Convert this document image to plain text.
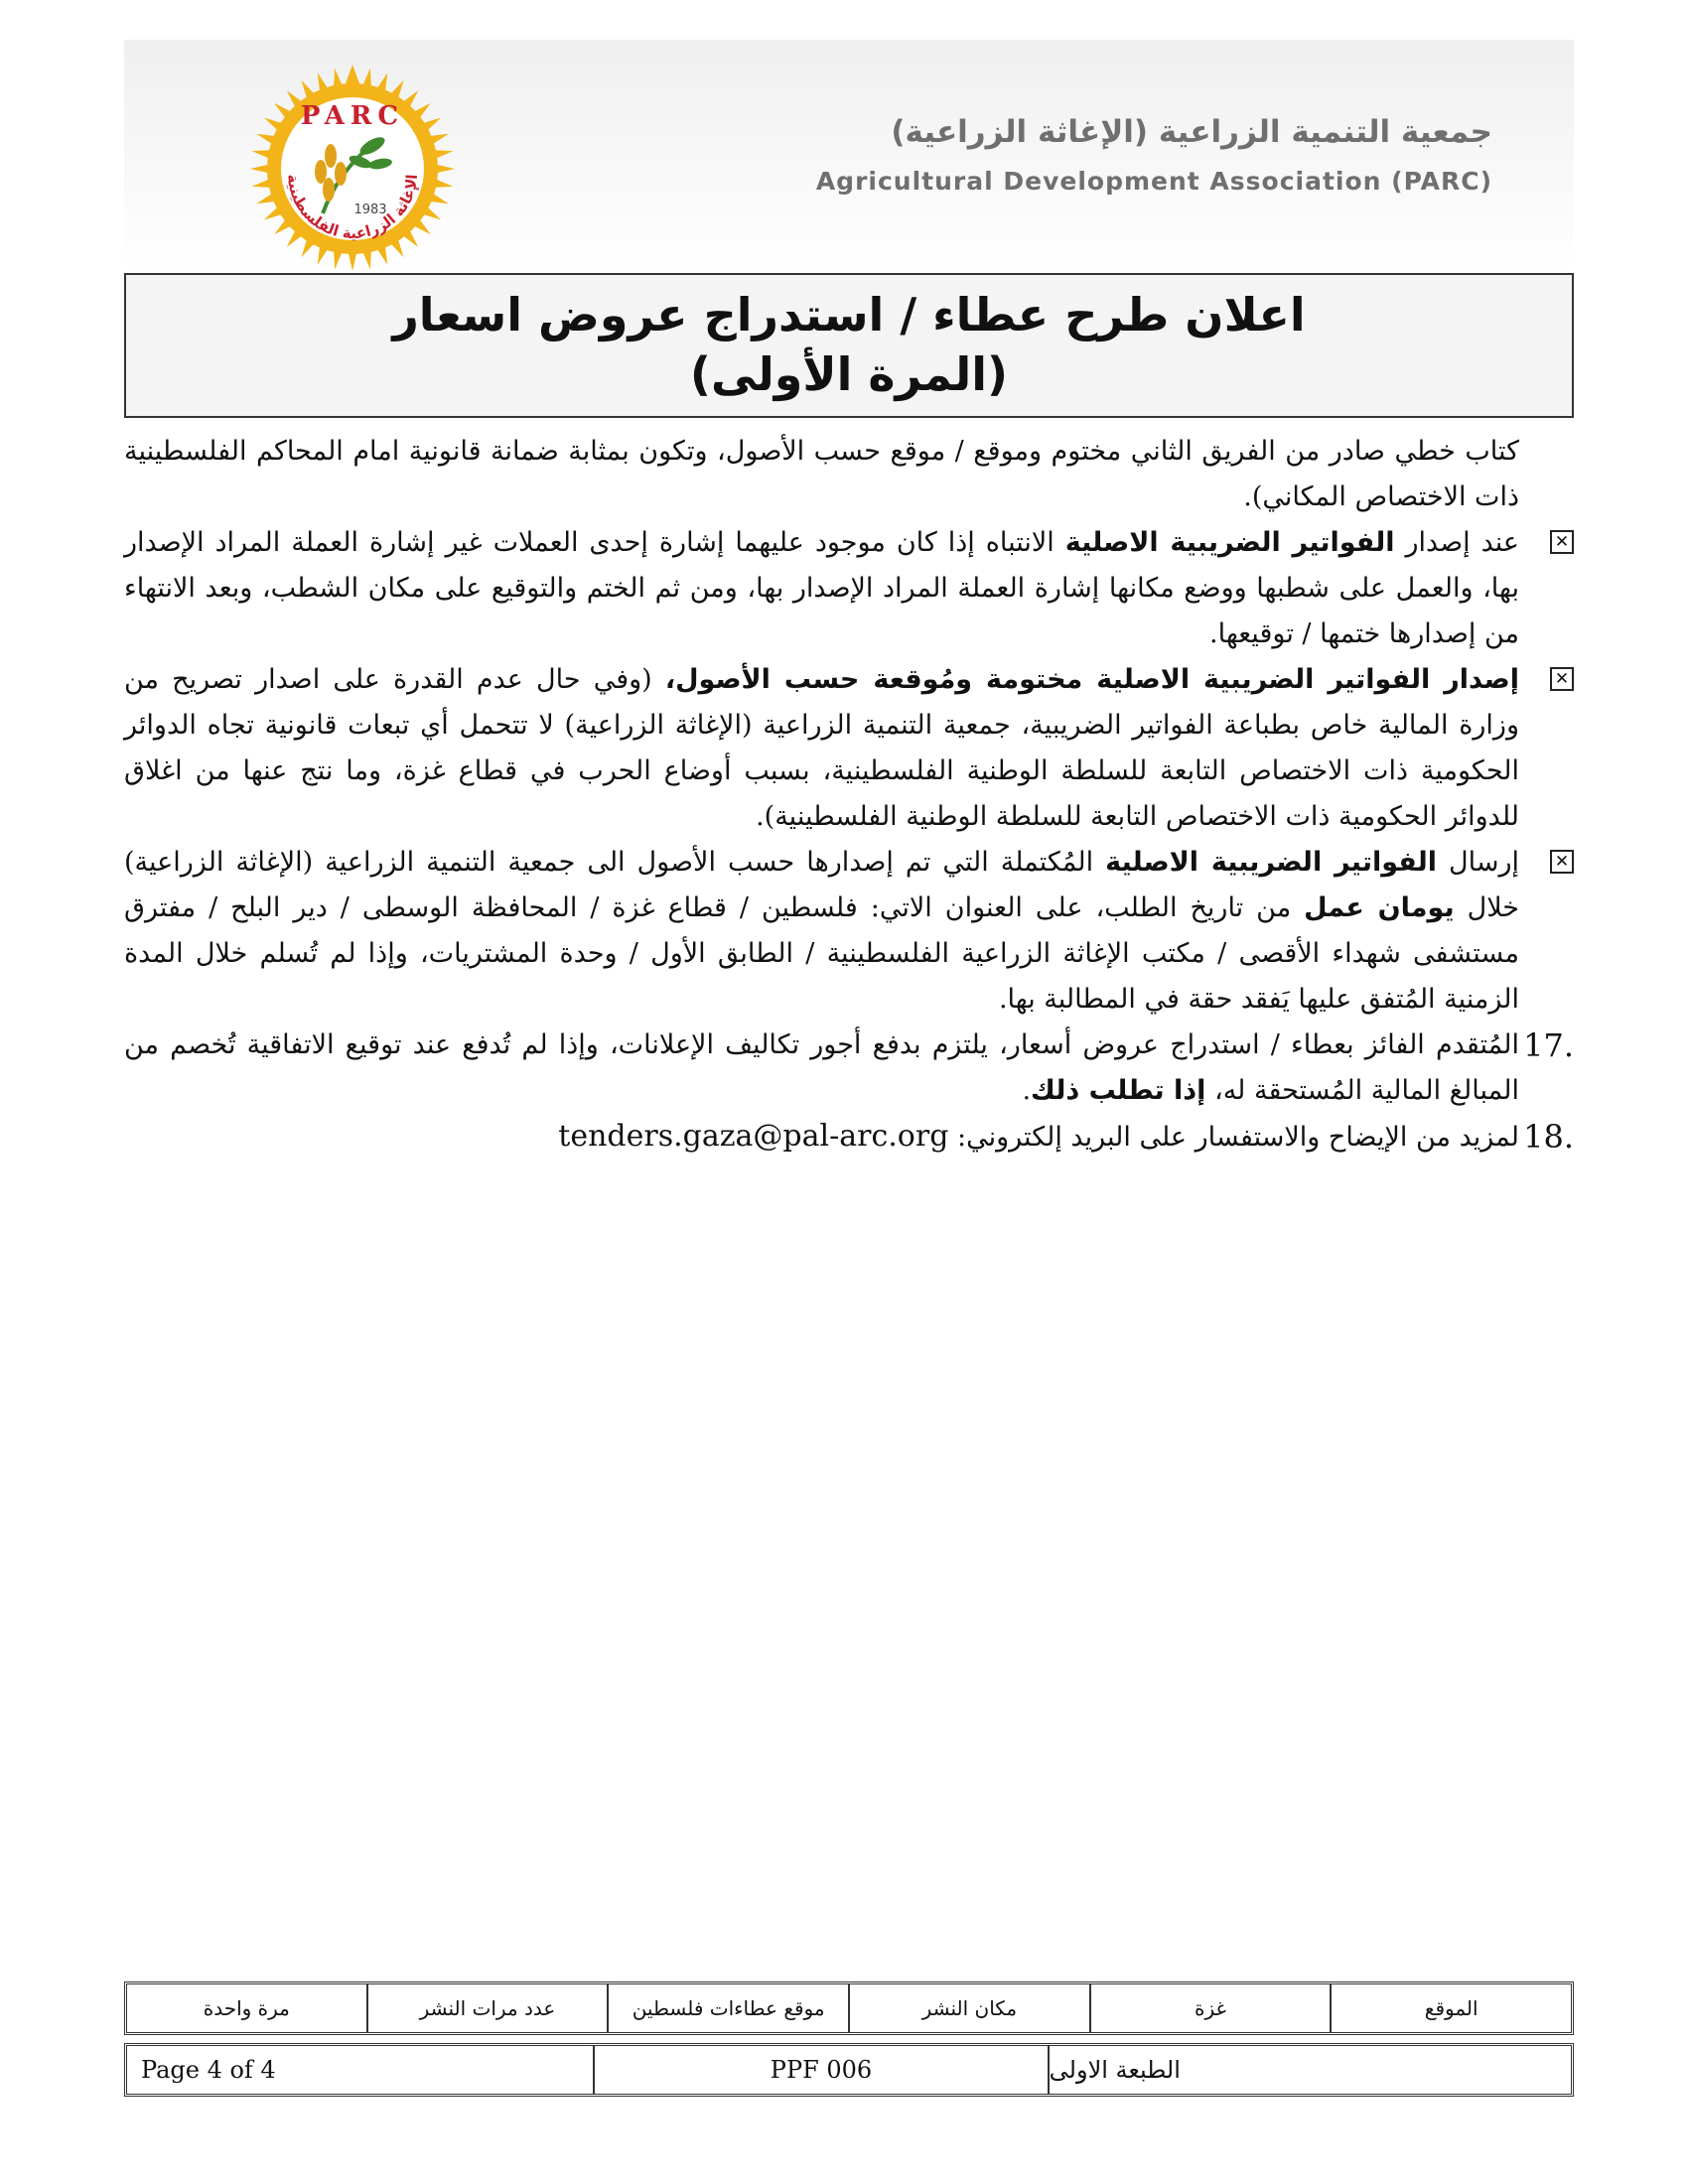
PARC
1983
الإغاثة الزراعية الفلسطينية
جمعية التنمية الزراعية (الإغاثة الزراعية)
Agricultural Development Association (PARC)
اعلان طرح عطاء / استدراج عروض اسعار
(المرة الأولى)
كتاب خطي صادر من الفريق الثاني مختوم وموقع / موقع حسب الأصول، وتكون بمثابة ضمانة قانونية امام المحاكم الفلسطينية ذات الاختصاص المكاني).
✕
عند إصدار الفواتير الضريبية الاصلية الانتباه إذا كان موجود عليهما إشارة إحدى العملات غير إشارة العملة المراد الإصدار بها، والعمل على شطبها ووضع مكانها إشارة العملة المراد الإصدار بها، ومن ثم الختم والتوقيع على مكان الشطب، وبعد الانتهاء من إصدارها ختمها / توقيعها.
✕
إصدار الفواتير الضريبية الاصلية مختومة ومُوقعة حسب الأصول، (وفي حال عدم القدرة على اصدار تصريح من وزارة المالية خاص بطباعة الفواتير الضريبية، جمعية التنمية الزراعية (الإغاثة الزراعية) لا تتحمل أي تبعات قانونية تجاه الدوائر الحكومية ذات الاختصاص التابعة للسلطة الوطنية الفلسطينية، بسبب أوضاع الحرب في قطاع غزة، وما نتج عنها من اغلاق للدوائر الحكومية ذات الاختصاص التابعة للسلطة الوطنية الفلسطينية).
✕
إرسال الفواتير الضريبية الاصلية المُكتملة التي تم إصدارها حسب الأصول الى جمعية التنمية الزراعية (الإغاثة الزراعية) خلال يومان عمل من تاريخ الطلب، على العنوان الاتي: فلسطين / قطاع غزة / المحافظة الوسطى / دير البلح / مفترق مستشفى شهداء الأقصى / مكتب الإغاثة الزراعية الفلسطينية / الطابق الأول / وحدة المشتريات، وإذا لم تُسلم خلال المدة الزمنية المُتفق عليها يَفقد حقة في المطالبة بها.
17.
المُتقدم الفائز بعطاء / استدراج عروض أسعار، يلتزم بدفع أجور تكاليف الإعلانات، وإذا لم تُدفع عند توقيع الاتفاقية تُخصم من المبالغ المالية المُستحقة له، إذا تطلب ذلك.
18.
لمزيد من الإيضاح والاستفسار على البريد إلكتروني: tenders.gaza@pal-arc.org
الموقع
غزة
مكان النشر
موقع عطاءات فلسطين
عدد مرات النشر
مرة واحدة
Page 4 of 4	PPF 006	الطبعة الاولى
